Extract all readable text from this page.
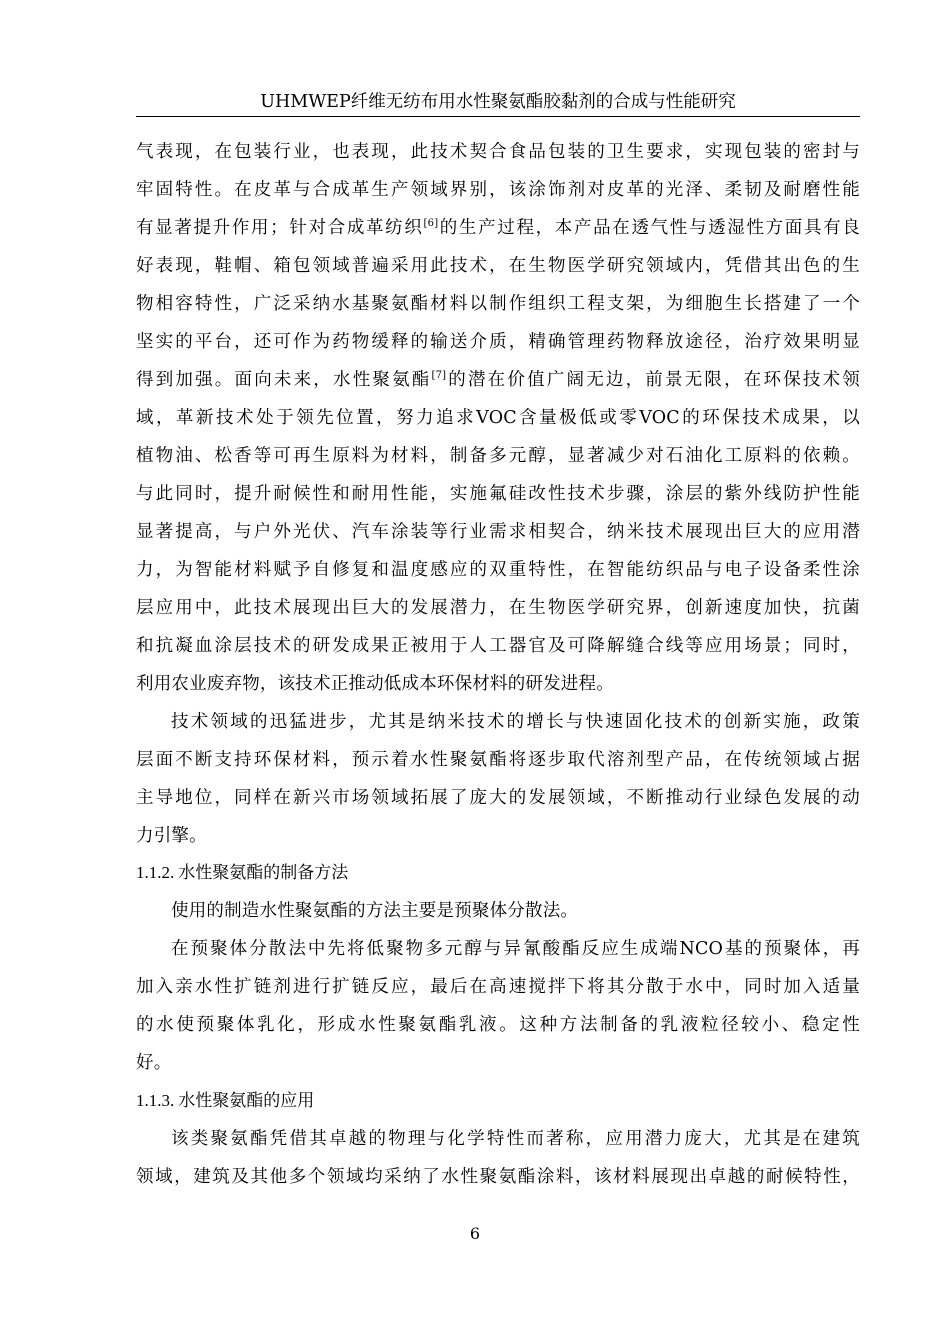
UHMWEP纤维无纺布用水性聚氨酯胶黏剂的合成与性能研究
气表现，在包装行业，也表现，此技术契合食品包装的卫生要求，实现包装的密封与
牢固特性。在皮革与合成革生产领域界别，该涂饰剂对皮革的光泽、柔韧及耐磨性能
有显著提升作用；针对合成革纺织[6]的生产过程，本产品在透气性与透湿性方面具有良
好表现，鞋帽、箱包领域普遍采用此技术，在生物医学研究领域内，凭借其出色的生
物相容特性，广泛采纳水基聚氨酯材料以制作组织工程支架，为细胞生长搭建了一个
坚实的平台，还可作为药物缓释的输送介质，精确管理药物释放途径，治疗效果明显
得到加强。面向未来，水性聚氨酯[7]的潜在价值广阔无边，前景无限，在环保技术领
域，革新技术处于领先位置，努力追求VOC含量极低或零VOC的环保技术成果，以
植物油、松香等可再生原料为材料，制备多元醇，显著减少对石油化工原料的依赖。
与此同时，提升耐候性和耐用性能，实施氟硅改性技术步骤，涂层的紫外线防护性能
显著提高，与户外光伏、汽车涂装等行业需求相契合，纳米技术展现出巨大的应用潜
力，为智能材料赋予自修复和温度感应的双重特性，在智能纺织品与电子设备柔性涂
层应用中，此技术展现出巨大的发展潜力，在生物医学研究界，创新速度加快，抗菌
和抗凝血涂层技术的研发成果正被用于人工器官及可降解缝合线等应用场景；同时，
利用农业废弃物，该技术正推动低成本环保材料的研发进程。
技术领域的迅猛进步，尤其是纳米技术的增长与快速固化技术的创新实施，政策
层面不断支持环保材料，预示着水性聚氨酯将逐步取代溶剂型产品，在传统领域占据
主导地位，同样在新兴市场领域拓展了庞大的发展领域，不断推动行业绿色发展的动
力引擎。
1.1.2. 水性聚氨酯的制备方法
使用的制造水性聚氨酯的方法主要是预聚体分散法。
在预聚体分散法中先将低聚物多元醇与异氰酸酯反应生成端NCO基的预聚体，再
加入亲水性扩链剂进行扩链反应，最后在高速搅拌下将其分散于水中，同时加入适量
的水使预聚体乳化，形成水性聚氨酯乳液。这种方法制备的乳液粒径较小、稳定性
好。
1.1.3. 水性聚氨酯的应用
该类聚氨酯凭借其卓越的物理与化学特性而著称，应用潜力庞大，尤其是在建筑
领域，建筑及其他多个领域均采纳了水性聚氨酯涂料，该材料展现出卓越的耐候特性，
6
